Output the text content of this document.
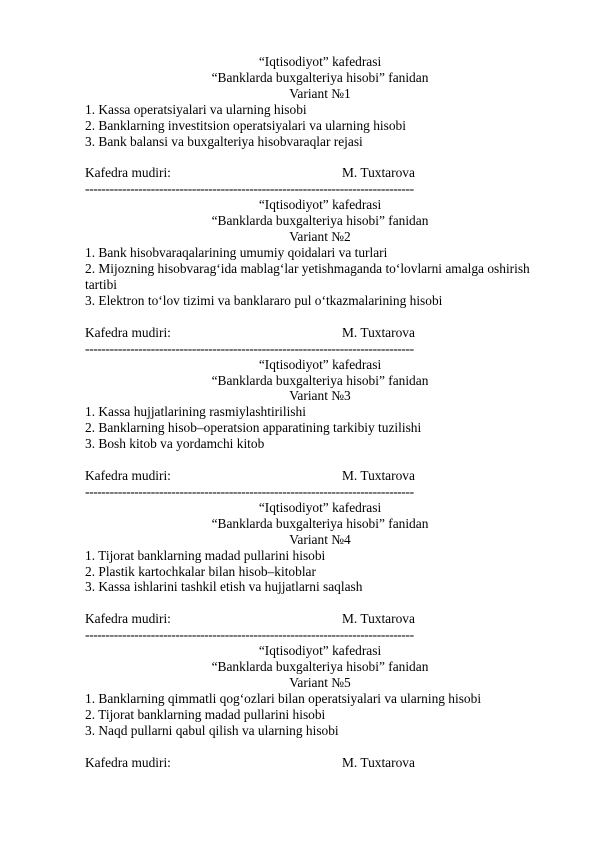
“Iqtisodiyot” kafedrasi
“Banklarda buxgalteriya hisobi” fanidan
Variant №1
1. Kassa operatsiyalari va ularning hisobi
2. Banklarning investitsion operatsiyalari va ularning hisobi
3. Bank balansi va buxgalteriya hisobvaraqlar rejasi
Kafedra mudiri:	M. Tuxtarova
--------------------------------------------------------------------------------
“Iqtisodiyot” kafedrasi
“Banklarda buxgalteriya hisobi” fanidan
Variant №2
1. Bank hisobvaraqalarining umumiy qoidalari va turlari
2. Mijozning hisobvarag‘ida mablag‘lar yetishmaganda to‘lovlarni amalga oshirish tartibi
3. Elektron to‘lov tizimi va banklararo pul o‘tkazmalarining hisobi
Kafedra mudiri:	M. Tuxtarova
--------------------------------------------------------------------------------
“Iqtisodiyot” kafedrasi
“Banklarda buxgalteriya hisobi” fanidan
Variant №3
1. Kassa hujjatlarining rasmiylashtirilishi
2. Banklarning hisob–operatsion apparatining tarkibiy tuzilishi
3. Bosh kitob va yordamchi kitob
Kafedra mudiri:	M. Tuxtarova
--------------------------------------------------------------------------------
“Iqtisodiyot” kafedrasi
“Banklarda buxgalteriya hisobi” fanidan
Variant №4
1. Tijorat banklarning madad pullarini hisobi
2. Plastik kartochkalar bilan hisob–kitoblar
3. Kassa ishlarini tashkil etish va hujjatlarni saqlash
Kafedra mudiri:	M. Tuxtarova
--------------------------------------------------------------------------------
“Iqtisodiyot” kafedrasi
“Banklarda buxgalteriya hisobi” fanidan
Variant №5
1. Banklarning qimmatli qog‘ozlari bilan operatsiyalari va ularning hisobi
2. Tijorat banklarning madad pullarini hisobi
3. Naqd pullarni qabul qilish va ularning hisobi
Kafedra mudiri:	M. Tuxtarova
